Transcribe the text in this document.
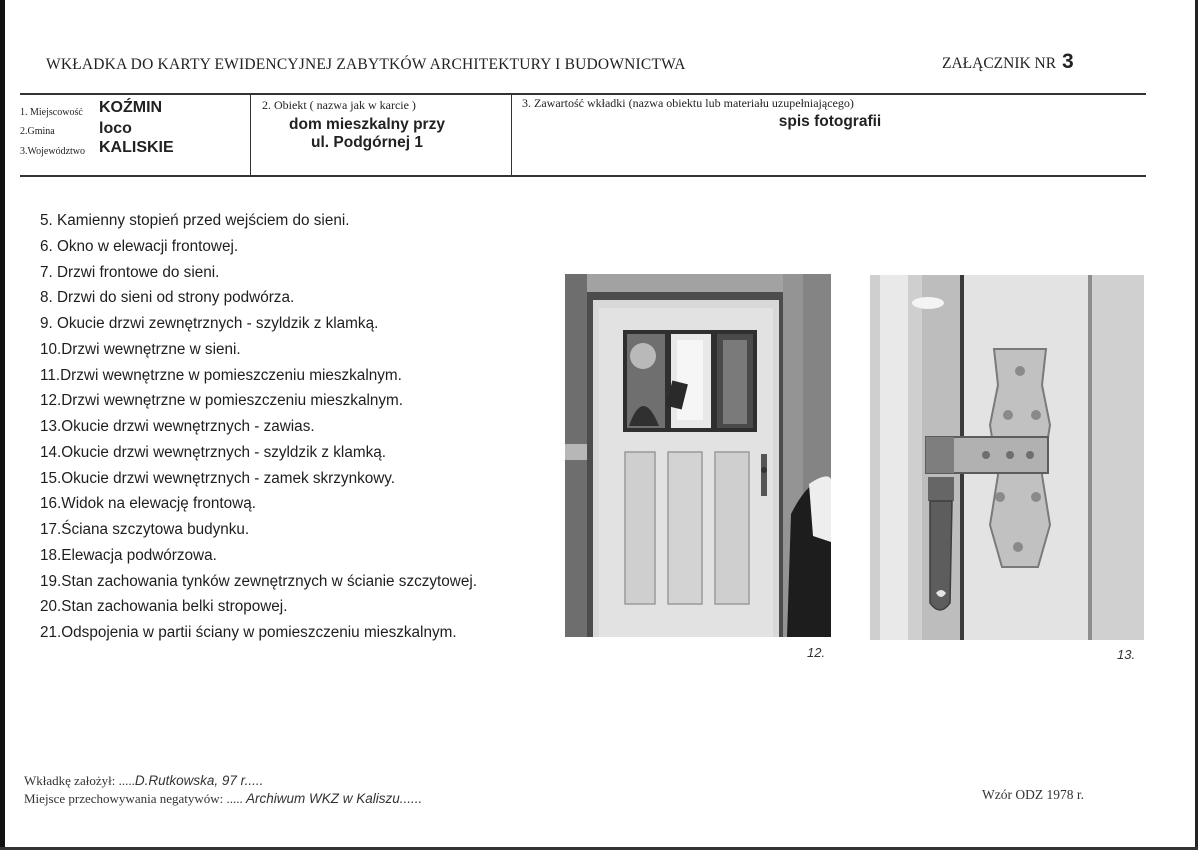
WKŁADKA DO KARTY EWIDENCYJNEJ ZABYTKÓW ARCHITEKTURY I BUDOWNICTWA	ZAŁĄCZNIK NR 3
1. Miejscowość KOŹMIN
2.Gmina	loco
3.Województwo KALISKIE
2. Obiekt ( nazwa jak w karcie )
dom mieszkalny przy
ul. Podgórnej 1
3. Zawartość wkładki (nazwa obiektu lub materiału uzupełniającego)
spis fotografii
5. Kamienny stopień przed wejściem do sieni.
6. Okno w elewacji frontowej.
7. Drzwi frontowe do sieni.
8. Drzwi do sieni od strony podwórza.
9. Okucie drzwi zewnętrznych - szyldzik z klamką.
10.Drzwi wewnętrzne w sieni.
11.Drzwi wewnętrzne w pomieszczeniu mieszkalnym.
12.Drzwi wewnętrzne w pomieszczeniu mieszkalnym.
13.Okucie drzwi wewnętrznych - zawias.
14.Okucie drzwi wewnętrznych - szyldzik z klamką.
15.Okucie drzwi wewnętrznych - zamek skrzynkowy.
16.Widok na elewację frontową.
17.Ściana szczytowa budynku.
18.Elewacja podwórzowa.
19.Stan zachowania tynków zewnętrznych w ścianie szczytowej.
20.Stan zachowania belki stropowej.
21.Odspojenia w partii ściany w pomieszczeniu mieszkalnym.
12.	13.
Wkładkę założył: .....D.Rutkowska, 97 r.....
Miejsce przechowywania negatywów: ..... Archiwum WKZ w Kaliszu......	Wzór ODZ 1978 r.
